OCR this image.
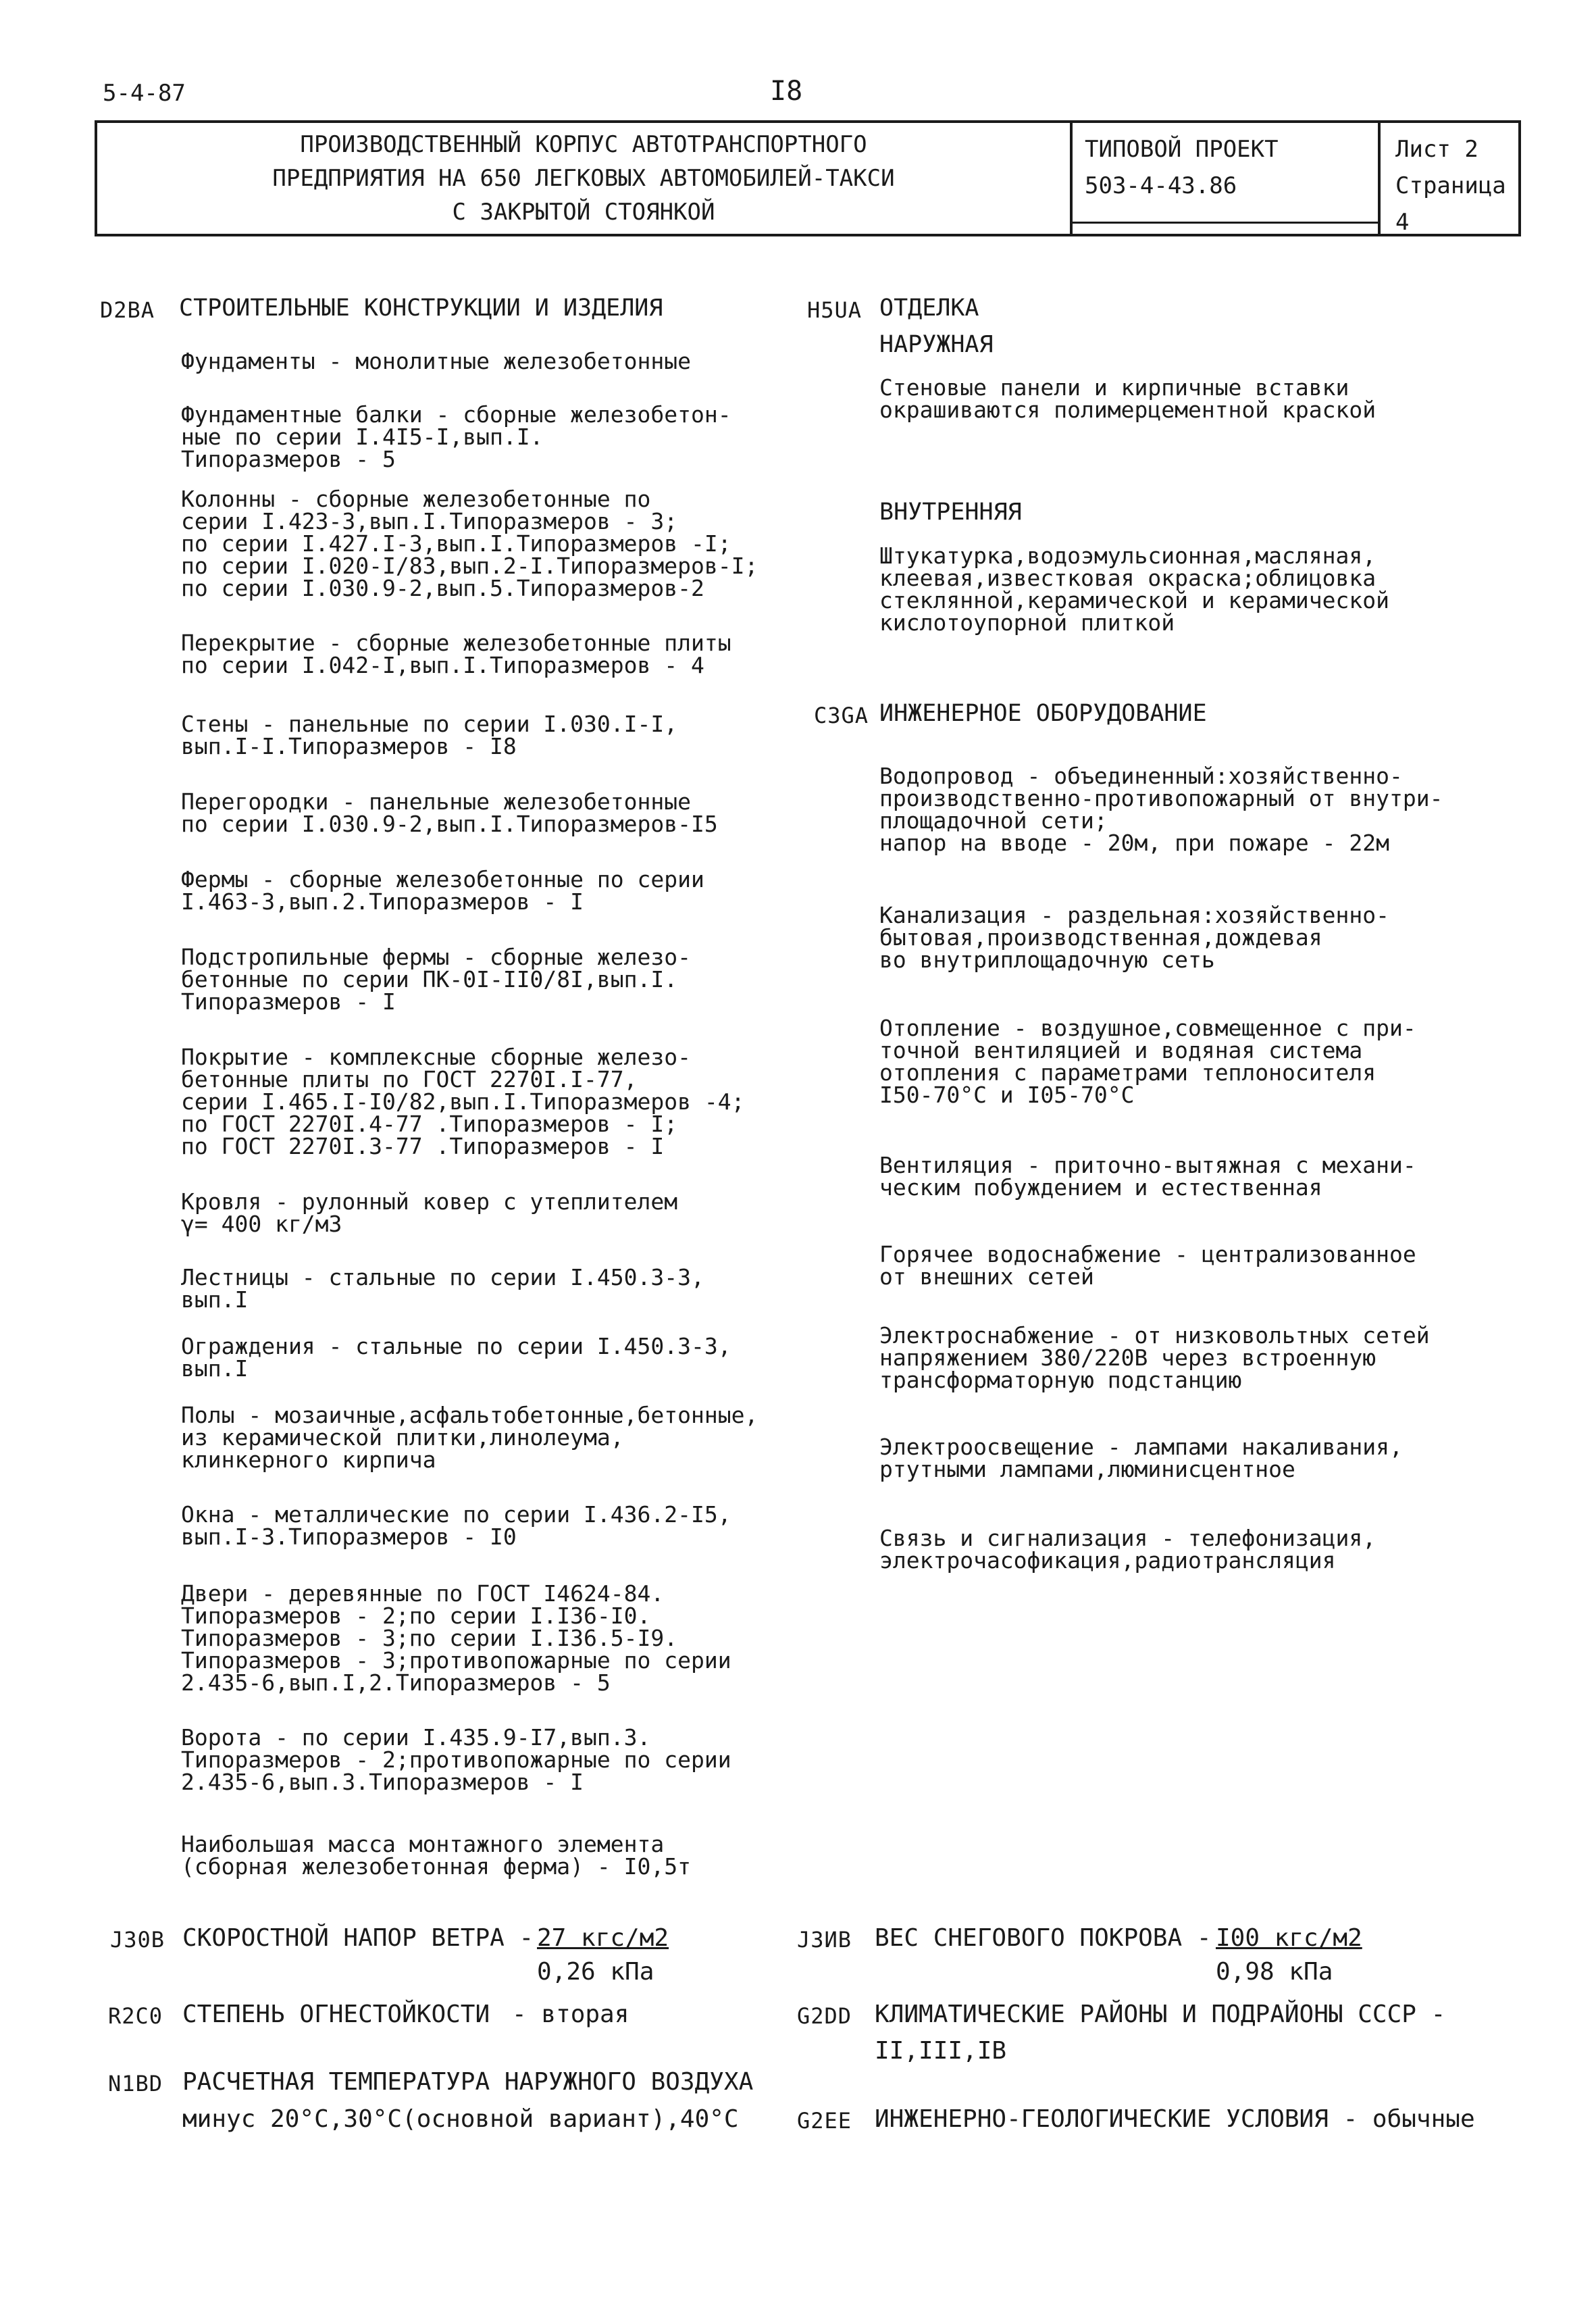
5-4-87	I8
ПРОИЗВОДСТВЕННЫЙ КОРПУС АВТОТРАНСПОРТНОГО
ПРЕДПРИЯТИЯ НА 650 ЛЕГКОВЫХ АВТОМОБИЛЕЙ-ТАКСИ
С ЗАКРЫТОЙ СТОЯНКОЙ
ТИПОВОЙ ПРОЕКТ
503-4-43.86
Лист 2
Страница 4
D2BA СТРОИТЕЛЬНЫЕ КОНСТРУКЦИИ И ИЗДЕЛИЯ
Фундаменты - монолитные железобетонные
Фундаментные балки - сборные железобетон-
ные по серии I.4I5-I,вып.I.
Типоразмеров - 5
Колонны - сборные железобетонные по
серии I.423-3,вып.I.Типоразмеров - 3;
по серии I.427.I-3,вып.I.Типоразмеров -I;
по серии I.020-I/83,вып.2-I.Типоразмеров-I;
по серии I.030.9-2,вып.5.Типоразмеров-2
Перекрытие - сборные железобетонные плиты
по серии I.042-I,вып.I.Типоразмеров - 4
Стены - панельные по серии I.030.I-I,
вып.I-I.Типоразмеров - I8
Перегородки - панельные железобетонные
по серии I.030.9-2,вып.I.Типоразмеров-I5
Фермы - сборные железобетонные по серии
I.463-3,вып.2.Типоразмеров - I
Подстропильные фермы - сборные железо-
бетонные по серии ПК-0I-II0/8I,вып.I.
Типоразмеров - I
Покрытие - комплексные сборные железо-
бетонные плиты по ГОСТ 2270I.I-77,
серии I.465.I-I0/82,вып.I.Типоразмеров -4;
по ГОСТ 2270I.4-77 .Типоразмеров - I;
по ГОСТ 2270I.3-77 .Типоразмеров - I
Кровля - рулонный ковер с утеплителем
γ= 400 кг/м3
Лестницы - стальные по серии I.450.3-3,
вып.I
Ограждения - стальные по серии I.450.3-3,
вып.I
Полы - мозаичные,асфальтобетонные,бетонные,
из керамической плитки,линолеума,
клинкерного кирпича
Окна - металлические по серии I.436.2-I5,
вып.I-3.Типоразмеров - I0
Двери - деревянные по ГОСТ I4624-84.
Типоразмеров - 2;по серии I.I36-I0.
Типоразмеров - 3;по серии I.I36.5-I9.
Типоразмеров - 3;противопожарные по серии
2.435-6,вып.I,2.Типоразмеров - 5
Ворота - по серии I.435.9-I7,вып.3.
Типоразмеров - 2;противопожарные по серии
2.435-6,вып.3.Типоразмеров - I
Наибольшая масса монтажного элемента
(сборная железобетонная ферма) - I0,5т
H5UA ОТДЕЛКА
НАРУЖНАЯ
Стеновые панели и кирпичные вставки
окрашиваются полимерцементной краской
ВНУТРЕННЯЯ
Штукатурка,водоэмульсионная,масляная,
клеевая,известковая окраска;облицовка
стеклянной,керамической и керамической
кислотоупорной плиткой
C3GA ИНЖЕНЕРНОЕ ОБОРУДОВАНИЕ
Водопровод - объединенный:хозяйственно-
производственно-противопожарный от внутри-
площадочной сети;
напор на вводе - 20м, при пожаре - 22м
Канализация - раздельная:хозяйственно-
бытовая,производственная,дождевая
во внутриплощадочную сеть
Отопление - воздушное,совмещенное с при-
точной вентиляцией и водяная система
отопления с параметрами теплоносителя
I50-70°C и I05-70°C
Вентиляция - приточно-вытяжная с механи-
ческим побуждением и естественная
Горячее водоснабжение - централизованное
от внешних сетей
Электроснабжение - от низковольтных сетей
напряжением 380/220В через встроенную
трансформаторную подстанцию
Электроосвещение - лампами накаливания,
ртутными лампами,люминисцентное
Связь и сигнализация - телефонизация,
электрочасофикация,радиотрансляция
J30B СКОРОСТНОЙ НАПОР ВЕТРА - 27 кгс/м2
0,26 кПа
J3ИB ВЕС СНЕГОВОГО ПОКРОВА - I00 кгс/м2
0,98 кПа
R2C0 СТЕПЕНЬ ОГНЕСТОЙКОСТИ - вторая	G2DD КЛИМАТИЧЕСКИЕ РАЙОНЫ И ПОДРАЙОНЫ СССР -
II,III,IB
N1BD РАСЧЕТНАЯ ТЕМПЕРАТУРА НАРУЖНОГО ВОЗДУХА
минус 20°С,30°С(основной вариант),40°С	G2EE ИНЖЕНЕРНО-ГЕОЛОГИЧЕСКИЕ УСЛОВИЯ - обычные
